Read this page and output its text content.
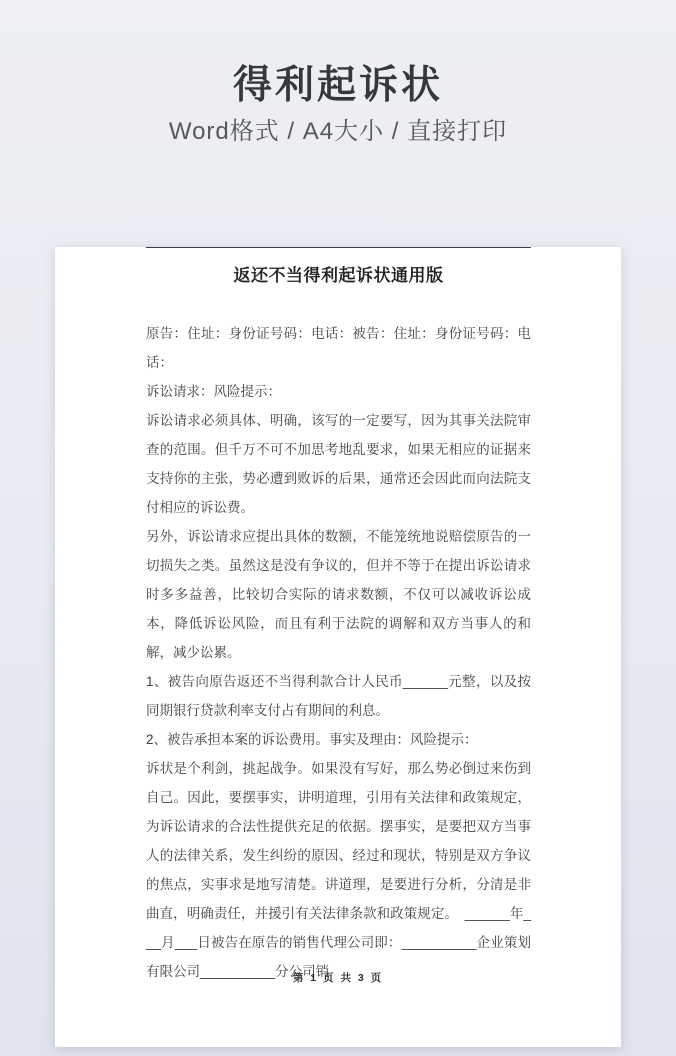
得利起诉状
Word格式 / A4大小 / 直接打印
返还不当得利起诉状通用版

原告：住址：身份证号码：电话：被告：住址：身份证号码：电话：

诉讼请求：风险提示：

诉讼请求必须具体、明确，该写的一定要写，因为其事关法院审查的范围。但千万不可不加思考地乱要求，如果无相应的证据来支持你的主张，势必遭到败诉的后果，通常还会因此而向法院支付相应的诉讼费。

另外，诉讼请求应提出具体的数额，不能笼统地说赔偿原告的一切损失之类。虽然这是没有争议的，但并不等于在提出诉讼请求时多多益善，比较切合实际的请求数额，不仅可以减收诉讼成本，降低诉讼风险，而且有利于法院的调解和双方当事人的和解，减少讼累。

1、被告向原告返还不当得利款合计人民币______元整，以及按同期银行贷款利率支付占有期间的利息。

2、被告承担本案的诉讼费用。事实及理由：风险提示：

诉状是个利剑，挑起战争。如果没有写好，那么势必倒过来伤到自己。因此，要摆事实，讲明道理，引用有关法律和政策规定，为诉讼请求的合法性提供充足的依据。摆事实，是要把双方当事人的法律关系，发生纠纷的原因、经过和现状，特别是双方争议的焦点，实事求是地写清楚。讲道理，是要进行分析，分清是非曲直，明确责任，并援引有关法律条款和政策规定。　______年___月___日被告在原告的销售代理公司即：__________企业策划有限公司__________分公司销

第 1 页 共 3 页
